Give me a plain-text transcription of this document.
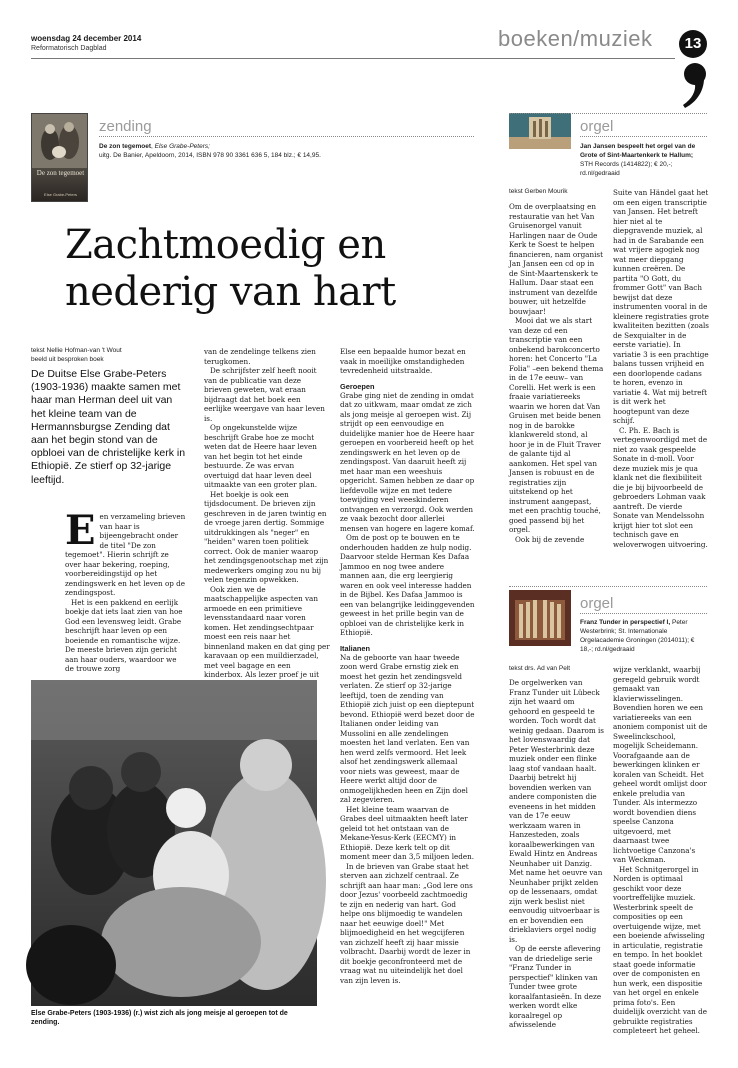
woensdag 24 december 2014
Reformatorisch Dagblad	boeken/muziek	13
De zon tegemoet
Else Grabe-Peters
zending
De zon tegemoet, Else Grabe-Peters;
uitg. De Banier, Apeldoorn, 2014, ISBN 978 90 3361 636 5, 184 blz.; € 14,95.
Zachtmoedig en
nederig van hart
tekst Nellie Hofman-van 't Wout
beeld uit besproken boek
De Duitse Else Grabe-Peters (1903-1936) maakte samen met haar man Herman deel uit van het kleine team van de Hermannsburgse Zending dat aan het begin stond van de opbloei van de christelijke kerk in Ethiopië. Ze stierf op 32-jarige leeftijd.
E en verzameling brieven van haar is bijeengebracht onder de titel "De zon tegemoet". Hierin schrijft ze over haar bekering, roeping, voorbereidingstijd op het zendingswerk en het leven op de zendingspost.

Het is een pakkend en eerlijk boekje dat iets laat zien van hoe God een levensweg leidt. Grabe beschrijft haar leven op een boeiende en romantische wijze. De meeste brieven zijn gericht aan haar ouders, waardoor we de trouwe zorg

van de zendelinge telkens zien terugkomen.

De schrijfster zelf heeft nooit van de publicatie van deze brieven geweten, wat eraan bijdraagt dat het boek een eerlijke weergave van haar leven is.

Op ongekunstelde wijze beschrijft Grabe hoe ze mocht weten dat de Heere haar leven van het begin tot het einde bestuurde. Ze was ervan overtuigd dat haar leven deel uitmaakte van een groter plan.

Het boekje is ook een tijdsdocument. De brieven zijn geschreven in de jaren twintig en de vroege jaren dertig. Sommige uitdrukkingen als "neger" en "heiden" waren toen politiek correct. Ook de manier waarop het zendingsgenootschap met zijn medewerkers omging zou nu bij velen tegenzin opwekken.

Ook zien we de maatschappelijke aspecten van armoede en een primitieve levensstandaard naar voren komen. Het zendingsechtpaar moest een reis naar het binnenland maken en dat ging per karavaan op een muildierzadel, met veel bagage en een kinderbox. Als lezer proef je uit

Else een bepaalde humor bezat en vaak in moeilijke omstandigheden tevredenheid uitstraalde.

Geroepen

Grabe ging niet de zending in omdat dat zo uitkwam, maar omdat ze zich als jong meisje al geroepen wist. Zij strijdt op een eenvoudige en duidelijke manier hoe de Heere haar geroepen en voorbereid heeft op het zendingswerk en het leven op de zendingspost. Van daaruit heeft zij met haar man een weeshuis opgericht. Samen hebben ze daar op liefdevolle wijze en met tedere toewijding veel weeskinderen ontvangen en verzorgd. Ook werden ze vaak bezocht door allerlei mensen van hogere en lagere komaf.

Om de post op te bouwen en te onderhouden hadden ze hulp nodig. Daarvoor stelde Herman Kes Dafaa Jammoo en nog twee andere mannen aan, die erg leergierig waren en ook veel interesse hadden in de Bijbel. Kes Dafaa Jammoo is een van belangrijke leidinggevenden geweest in het prille begin van de opbloei van de christelijke kerk in Ethiopië.

Italianen

Na de geboorte van haar tweede zoon werd Grabe ernstig ziek en moest het gezin het zendingsveld verlaten. Ze stierf op 32-jarige leeftijd, toen de zending van Ethiopië zich juist op een dieptepunt bevond. Ethiopië werd bezet door de Italianen onder leiding van Mussolini en alle zendelingen moesten het land verlaten. Een van hen werd zelfs vermoord. Het leek alsof het zendingswerk allemaal voor niets was geweest, maar de Heere werkt altijd door de onmogelijkheden heen en Zijn doel zal zegevieren.

Het kleine team waarvan de Grabes deel uitmaakten heeft later geleid tot het ontstaan van de Mekane-Yesus-Kerk (EECMY) in Ethiopië. Deze kerk telt op dit moment meer dan 3,5 miljoen leden.

In de brieven van Grabe staat het sterven aan zichzelf centraal. Ze schrijft aan haar man: „God lere ons door Jezus' voorbeeld zachtmoedig te zijn en nederig van hart. God helpe ons blijmoedig te wandelen naar het eeuwige doel!" Met blijmoedigheid en het wegcijferen van zichzelf heeft zij haar missie volbracht. Daarbij wordt de lezer in dit boekje geconfronteerd met de vraag wat nu uiteindelijk het doel van zijn leven is.

Else Grabe-Peters (1903-1936) (r.) wist zich als jong meisje al geroepen tot de zending.
orgel
Jan Jansen bespeelt het orgel van de Grote of Sint-Maartenkerk te Hallum;
STH Records (1414822); € 20,-; rd.nl/gedraaid
tekst Gerben Mourik

Om de overplaatsing en restauratie van het Van Gruisenorgel vanuit Harlingen naar de Oude Kerk te Soest te helpen financieren, nam organist Jan Jansen een cd op in de Sint-Maartenskerk te Hallum. Daar staat een instrument van dezelfde bouwer, uit hetzelfde bouwjaar!

Mooi dat we als start van deze cd een transcriptie van een onbekend barokconcerto horen: het Concerto "La Folia" –een bekend thema in de 17e eeuw– van Corelli. Het werk is een fraaie variatiereeks waarin we horen dat Van Gruisen met beide benen nog in de barokke klankwereld stond, al hoor je in de Fluit Traver de galante tijd al aankomen. Het spel van Jansen is robuust en de registraties zijn uitstekend op het instrument aangepast, met een prachtig touché, goed passend bij het orgel.

Ook bij de zevende

Suite van Händel gaat het om een eigen transcriptie van Jansen. Het betreft hier niet al te diepgravende muziek, al had in de Sarabande een wat vrijere agogiek nog wat meer diepgang kunnen creëren. De partita "O Gott, du frommer Gott" van Bach bewijst dat deze instrumenten vooral in de kleinere registraties grote kwaliteiten bezitten (zoals de Sexquialter in de eerste variatie). In variatie 3 is een prachtige balans tussen vrijheid en een doorlopende cadans te horen, evenzo in variatie 4. Wat mij betreft is dit werk het hoogtepunt van deze schijf.

C. Ph. E. Bach is vertegenwoordigd met de niet zo vaak gespeelde Sonate in d-moll. Voor deze muziek mis je qua klank net die flexibiliteit die je bij bijvoorbeeld de gebroeders Lohman vaak aantreft. De vierde Sonate van Mendelssohn krijgt hier tot slot een technisch gave en weloverwogen uitvoering.

orgel
Franz Tunder in perspectief I, Peter Westerbrink; St. Internationale Orgelacademie Groningen (2014011); € 18,-; rd.nl/gedraaid
tekst drs. Ad van Pelt

De orgelwerken van Franz Tunder uit Lübeck zijn het waard om gehoord en gespeeld te worden. Toch wordt dat weinig gedaan. Daarom is het lovenswaardig dat Peter Westerbrink deze muziek onder een flinke laag stof vandaan haalt. Daarbij betrekt hij bovendien werken van andere componisten die eveneens in het midden van de 17e eeuw werkzaam waren in Hanzesteden, zoals koraalbewerkingen van Ewald Hintz en Andreas Neunhaber uit Danzig. Met name het oeuvre van Neunhaber prijkt zelden op de lessenaars, omdat zijn werk beslist niet eenvoudig uitvoerbaar is en er bovendien een drieklaviers orgel nodig is.

Op de eerste aflevering van de driedelige serie "Franz Tunder in perspectief" klinken van Tunder twee grote koraalfantasieën. In deze werken wordt elke koraalregel op afwisselende

wijze verklankt, waarbij geregeld gebruik wordt gemaakt van klavierwisselingen. Bovendien horen we een variatiereeks van een anoniem componist uit de Sweelinckschool, mogelijk Scheidemann. Voorafgaande aan de bewerkingen klinken er koralen van Scheidt. Het geheel wordt omlijst door enkele preludia van Tunder. Als intermezzo wordt bovendien diens speelse Canzona uitgevoerd, met daarnaast twee lichtvoetige Canzona's van Weckman.

Het Schnitgerorgel in Norden is optimaal geschikt voor deze voortreffelijke muziek. Westerbrink speelt de composities op een overtuigende wijze, met een boeiende afwisseling in articulatie, registratie en tempo. In het booklet staat goede informatie over de componisten en hun werk, een dispositie van het orgel en enkele prima foto's. Een duidelijk overzicht van de gebruikte registraties completeert het geheel.
